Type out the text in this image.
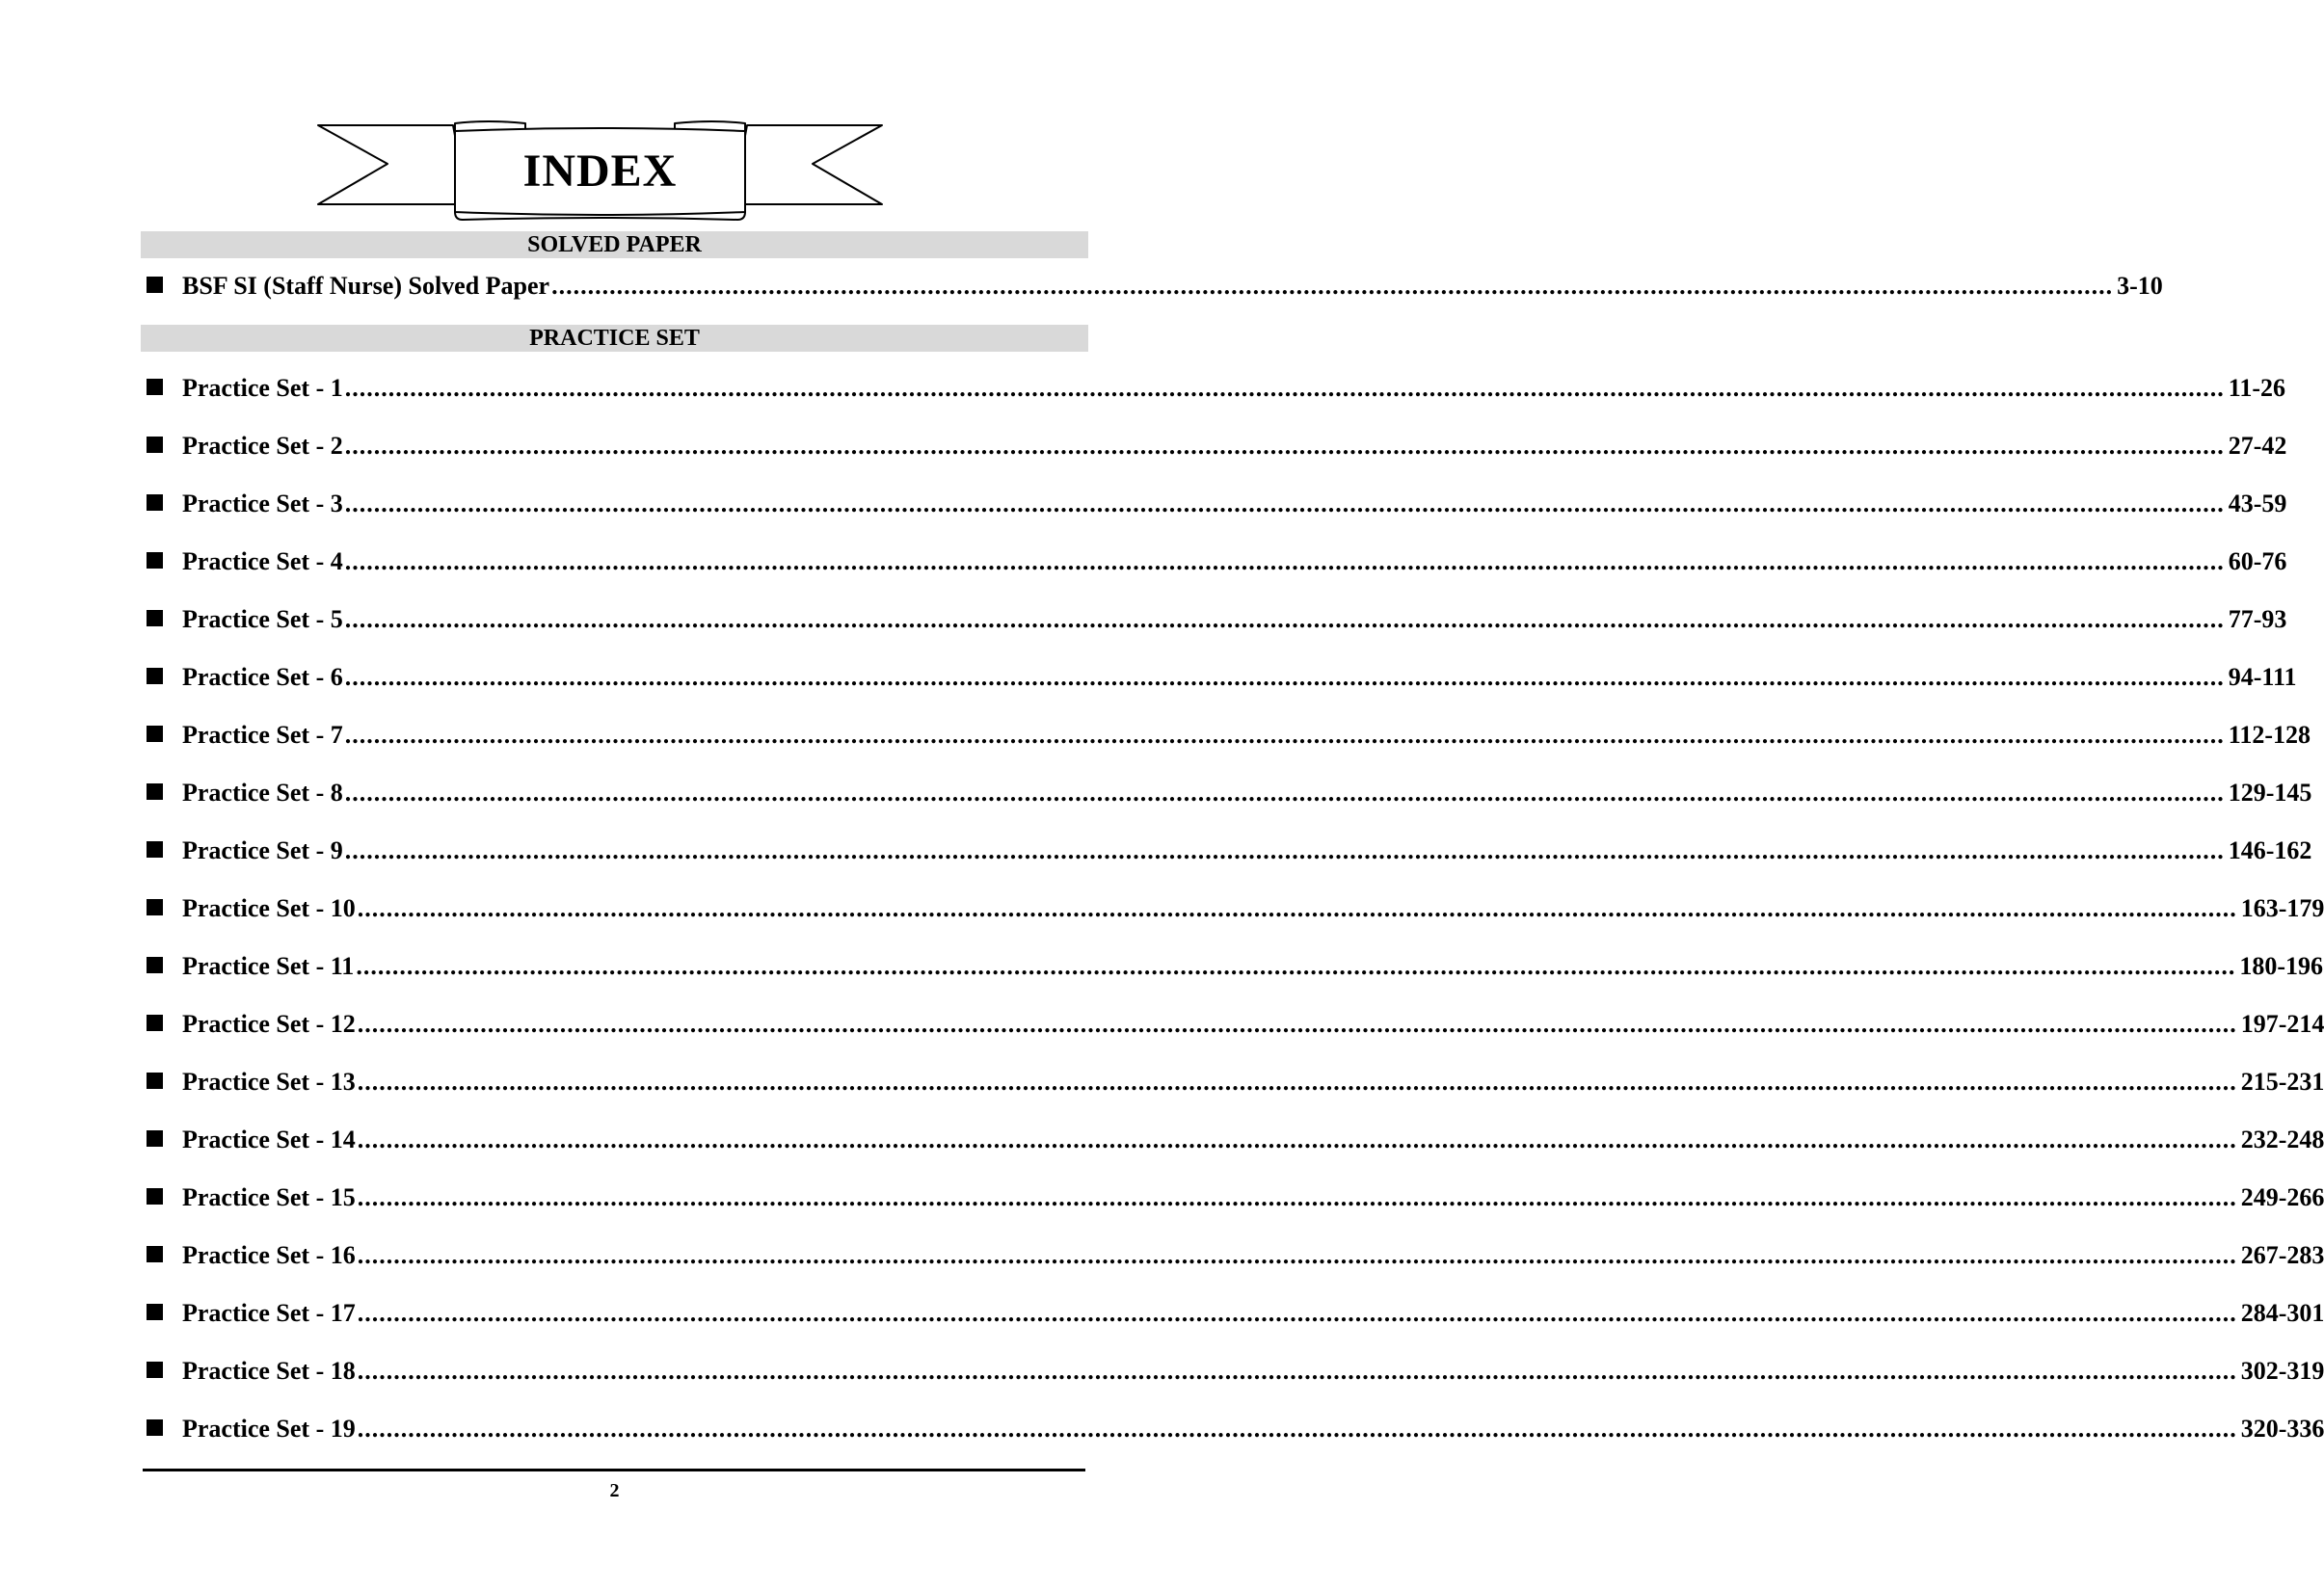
INDEX
SOLVED PAPER
BSF SI (Staff Nurse) Solved Paper ........................................................................................................................................................................................................................ 3-10
PRACTICE SET
Practice Set - 1 .................................................................................................................................................................................................................................................................... 11-26
Practice Set - 2 .................................................................................................................................................................................................................................................................... 27-42
Practice Set - 3 .................................................................................................................................................................................................................................................................... 43-59
Practice Set - 4 .................................................................................................................................................................................................................................................................... 60-76
Practice Set - 5 .................................................................................................................................................................................................................................................................... 77-93
Practice Set - 6 .................................................................................................................................................................................................................................................................... 94-111
Practice Set - 7 .................................................................................................................................................................................................................................................................... 112-128
Practice Set - 8 .................................................................................................................................................................................................................................................................... 129-145
Practice Set - 9 .................................................................................................................................................................................................................................................................... 146-162
Practice Set - 10 .................................................................................................................................................................................................................................................................... 163-179
Practice Set - 11 .................................................................................................................................................................................................................................................................... 180-196
Practice Set - 12 .................................................................................................................................................................................................................................................................... 197-214
Practice Set - 13 .................................................................................................................................................................................................................................................................... 215-231
Practice Set - 14 .................................................................................................................................................................................................................................................................... 232-248
Practice Set - 15 .................................................................................................................................................................................................................................................................... 249-266
Practice Set - 16 .................................................................................................................................................................................................................................................................... 267-283
Practice Set - 17 .................................................................................................................................................................................................................................................................... 284-301
Practice Set - 18 .................................................................................................................................................................................................................................................................... 302-319
Practice Set - 19 .................................................................................................................................................................................................................................................................... 320-336
2
